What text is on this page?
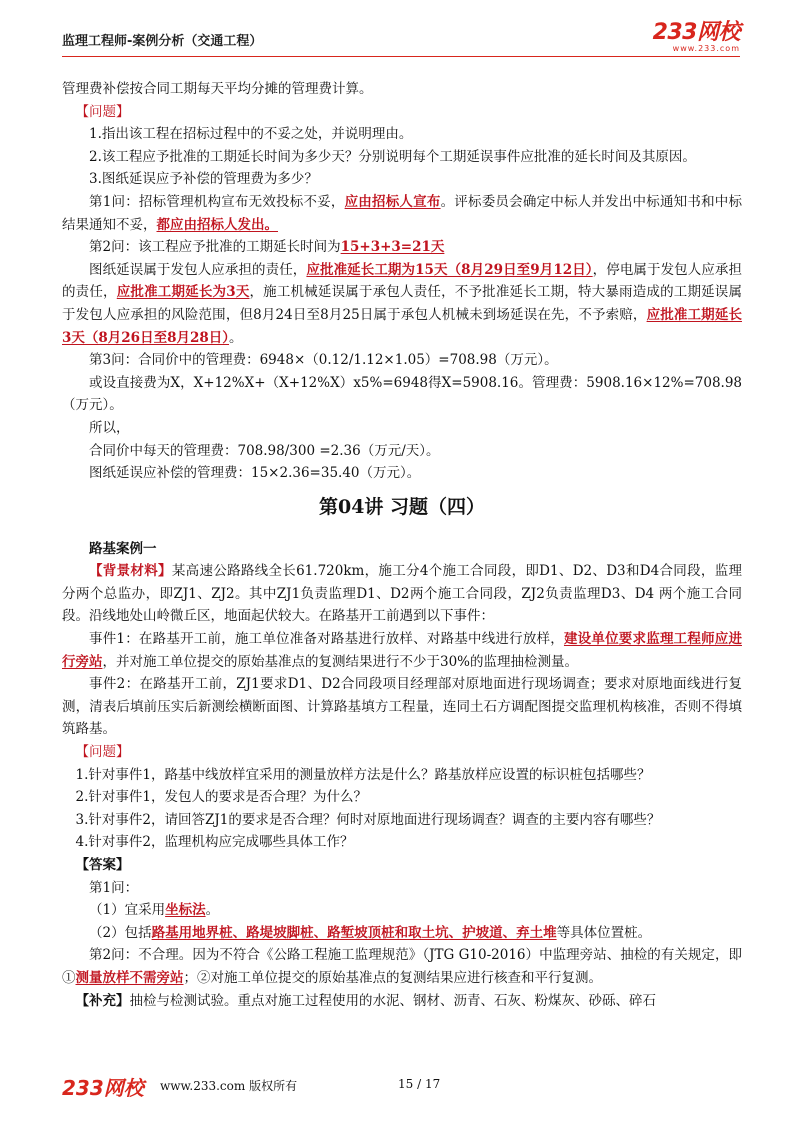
监理工程师-案例分析（交通工程）	233网校
www.233.com

管理费补偿按合同工期每天平均分摊的管理费计算。

【问题】

1.指出该工程在招标过程中的不妥之处，并说明理由。

2.该工程应予批准的工期延长时间为多少天？分别说明每个工期延误事件应批准的延长时间及其原因。

3.图纸延误应予补偿的管理费为多少？

第1问：招标管理机构宣布无效投标不妥，应由招标人宣布。评标委员会确定中标人并发出中标通知书和中标结果通知不妥，都应由招标人发出。

第2问：该工程应予批准的工期延长时间为15+3+3=21天

图纸延误属于发包人应承担的责任，应批准延长工期为15天（8月29日至9月12日），停电属于发包人应承担的责任，应批准工期延长为3天，施工机械延误属于承包人责任，不予批准延长工期，特大暴雨造成的工期延误属于发包人应承担的风险范围，但8月24日至8月25日属于承包人机械未到场延误在先，不予索赔，应批准工期延长3天（8月26日至8月28日）。

第3问：合同价中的管理费：6948×（0.12/1.12×1.05）=708.98（万元）。

或设直接费为X，X+12%X+（X+12%X）x5%=6948得X=5908.16。管理费：5908.16×12%=708.98（万元）。

所以，

合同价中每天的管理费：708.98/300 =2.36（万元/天）。

图纸延误应补偿的管理费：15×2.36=35.40（万元）。

第04讲 习题（四）

路基案例一

【背景材料】某高速公路路线全长61.720km，施工分4个施工合同段，即D1、D2、D3和D4合同段，监理分两个总监办，即ZJ1、ZJ2。其中ZJ1负责监理D1、D2两个施工合同段，ZJ2负责监理D3、D4 两个施工合同段。沿线地处山岭微丘区，地面起伏较大。在路基开工前遇到以下事件：

事件1：在路基开工前，施工单位准备对路基进行放样、对路基中线进行放样，建设单位要求监理工程师应进行旁站，并对施工单位提交的原始基准点的复测结果进行不少于30%的监理抽检测量。

事件2：在路基开工前，ZJ1要求D1、D2合同段项目经理部对原地面进行现场调查；要求对原地面线进行复测，清表后填前压实后新测绘横断面图、计算路基填方工程量，连同土石方调配图提交监理机构核准，否则不得填筑路基。

【问题】

1.针对事件1，路基中线放样宜采用的测量放样方法是什么？路基放样应设置的标识桩包括哪些？

2.针对事件1，发包人的要求是否合理？为什么？

3.针对事件2，请回答ZJ1的要求是否合理？何时对原地面进行现场调查？调查的主要内容有哪些？

4.针对事件2，监理机构应完成哪些具体工作？

【答案】

第1问：

（1）宜采用坐标法。

（2）包括路基用地界桩、路堤坡脚桩、路堑坡顶桩和取土坑、护坡道、弃土堆等具体位置桩。

第2问：不合理。因为不符合《公路工程施工监理规范》（JTG G10-2016）中监理旁站、抽检的有关规定，即①测量放样不需旁站；②对施工单位提交的原始基准点的复测结果应进行核查和平行复测。

【补充】抽检与检测试验。重点对施工过程使用的水泥、钢材、沥青、石灰、粉煤灰、砂砾、碎石

233网校 www.233.com 版权所有	15 / 17
